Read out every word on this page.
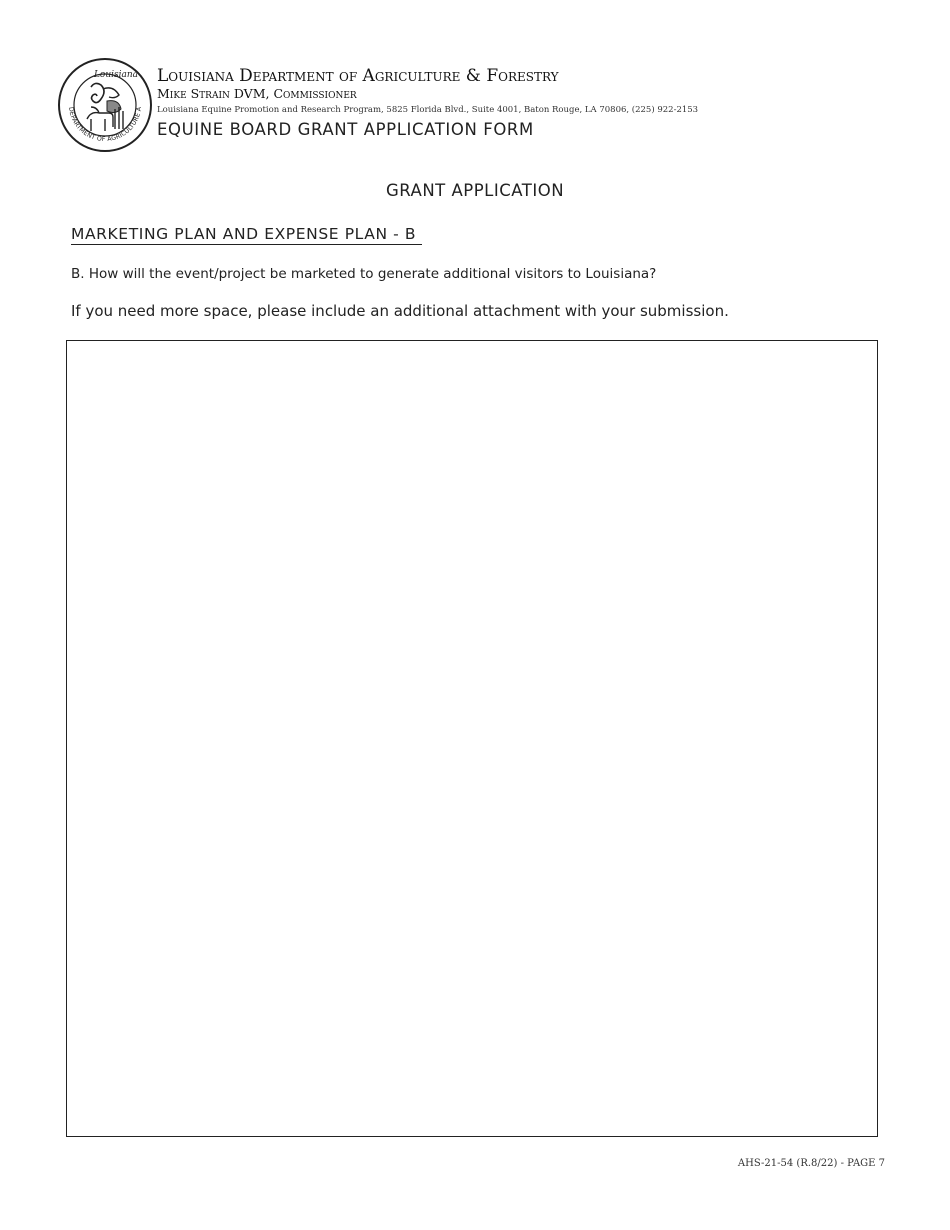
DEPARTMENT OF AGRICULTURE A
Louisiana Louisiana Department of Agriculture & Forestry
Mike Strain DVM, Commissioner
Louisiana Equine Promotion and Research Program, 5825 Florida Blvd., Suite 4001, Baton Rouge, LA 70806, (225) 922-2153
EQUINE BOARD GRANT APPLICATION FORM
GRANT APPLICATION
MARKETING PLAN AND EXPENSE PLAN - B
B. How will the event/project be marketed to generate additional visitors to Louisiana?
If you need more space, please include an additional attachment with your submission.
AHS-21-54 (R.8/22) - PAGE 7
